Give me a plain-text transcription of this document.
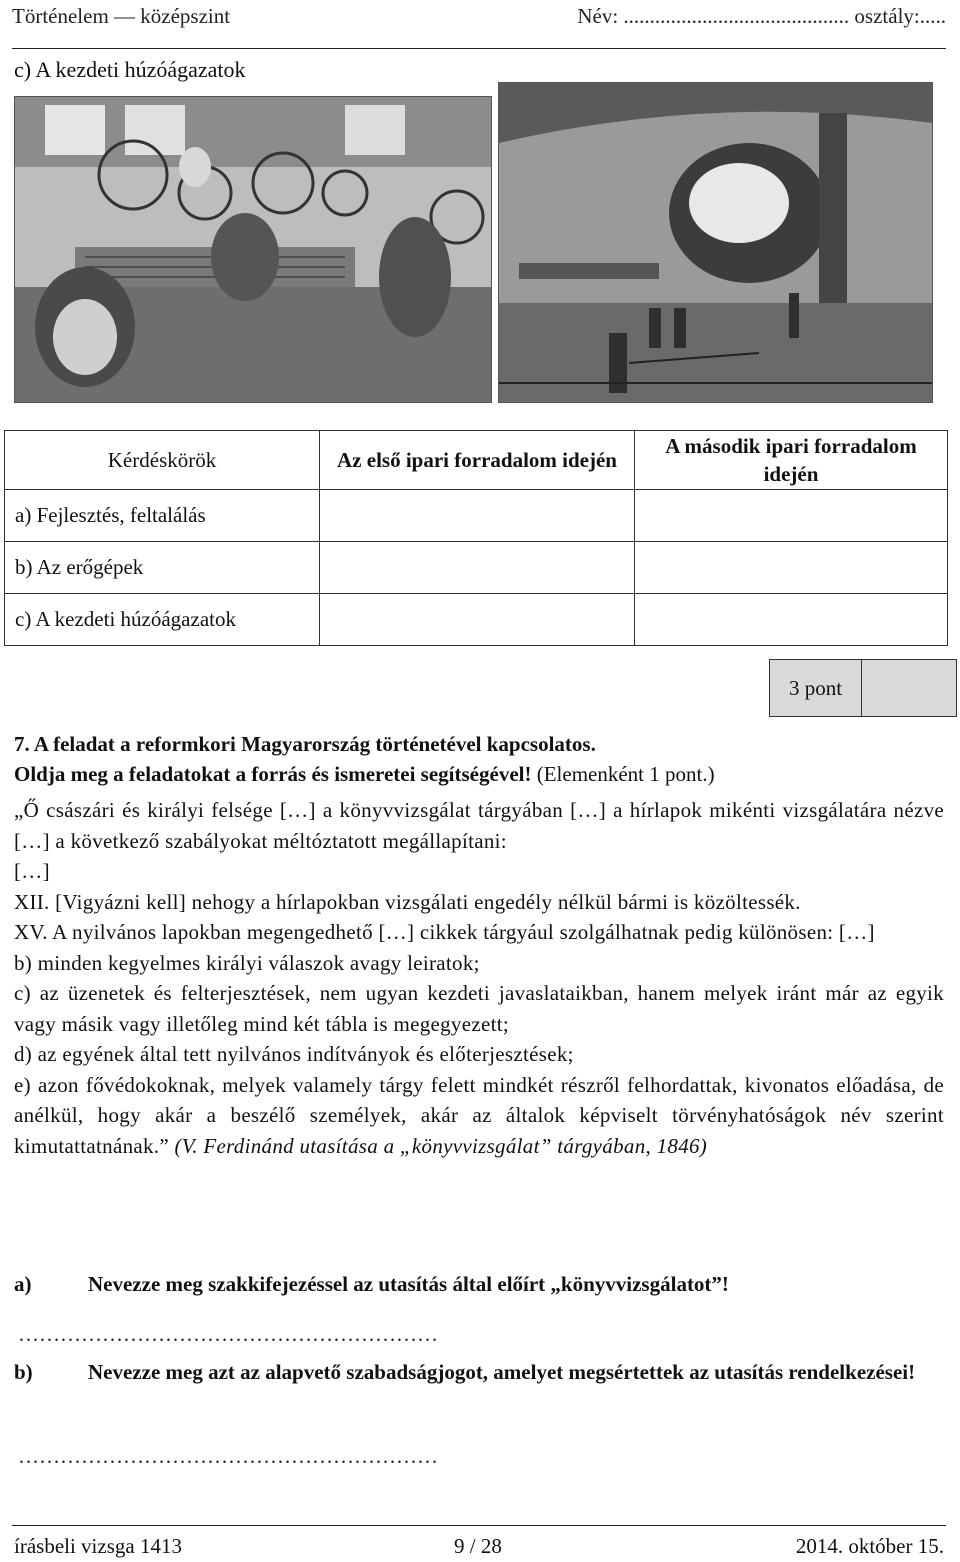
Történelem — középszint	Név: ........................................... osztály:.....
c) A kezdeti húzóágazatok
Kérdéskörök	Az első ipari forradalom idején	A második ipari forradalom idején
a) Fejlesztés, feltalálás		
b) Az erőgépek		
c) A kezdeti húzóágazatok		
3 pont
7. A feladat a reformkori Magyarország történetével kapcsolatos.
Oldja meg a feladatokat a forrás és ismeretei segítségével! (Elemenként 1 pont.)

„Ő császári és királyi felsége […] a könyvvizsgálat tárgyában […] a hírlapok mikénti vizsgálatára nézve […] a következő szabályokat méltóztatott megállapítani:

[…]

XII. [Vigyázni kell] nehogy a hírlapokban vizsgálati engedély nélkül bármi is közöltessék.

XV. A nyilvános lapokban megengedhető […] cikkek tárgyául szolgálhatnak pedig különösen: […]

b) minden kegyelmes királyi válaszok avagy leiratok;

c) az üzenetek és felterjesztések, nem ugyan kezdeti javaslataikban, hanem melyek iránt már az egyik vagy másik vagy illetőleg mind két tábla is megegyezett;

d) az egyének által tett nyilvános indítványok és előterjesztések;

e) azon fővédokoknak, melyek valamely tárgy felett mindkét részről felhordattak, kivonatos előadása, de anélkül, hogy akár a beszélő személyek, akár az általok képviselt törvényhatóságok név szerint kimutattatnának.” (V. Ferdinánd utasítása a „könyvvizsgálat” tárgyában, 1846)

a)	Nevezze meg szakkifejezéssel az utasítás által előírt „könyvvizsgálatot”!
……………………………………………………
b)	Nevezze meg azt az alapvető szabadságjogot, amelyet megsértettek az utasítás rendelkezései!
……………………………………………………
írásbeli vizsga 1413	9 / 28	2014. október 15.
